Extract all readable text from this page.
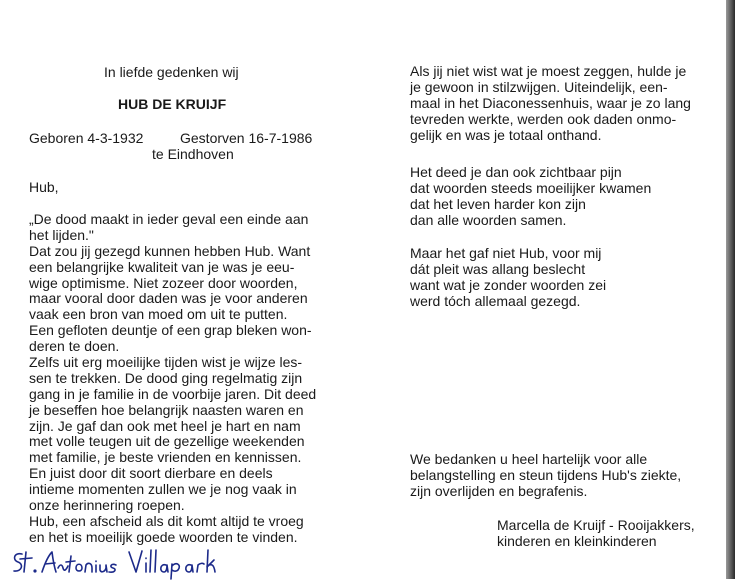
In liefde gedenken wij
HUB DE KRUIJF
Geboren 4-3-1932	Gestorven 16-7-1986
te Eindhoven
Hub,
„De dood maakt in ieder geval een einde aan
het lijden."
Dat zou jij gezegd kunnen hebben Hub. Want
een belangrijke kwaliteit van je was je eeu-
wige optimisme. Niet zozeer door woorden,
maar vooral door daden was je voor anderen
vaak een bron van moed om uit te putten.
Een gefloten deuntje of een grap bleken won-
deren te doen.
Zelfs uit erg moeilijke tijden wist je wijze les-
sen te trekken. De dood ging regelmatig zijn
gang in je familie in de voorbije jaren. Dit deed
je beseffen hoe belangrijk naasten waren en
zijn. Je gaf dan ook met heel je hart en nam
met volle teugen uit de gezellige weekenden
met familie, je beste vrienden en kennissen.
En juist door dit soort dierbare en deels
intieme momenten zullen we je nog vaak in
onze herinnering roepen.
Hub, een afscheid als dit komt altijd te vroeg
en het is moeilijk goede woorden te vinden.
Als jij niet wist wat je moest zeggen, hulde je
je gewoon in stilzwijgen. Uiteindelijk, een-
maal in het Diaconessenhuis, waar je zo lang
tevreden werkte, werden ook daden onmo-
gelijk en was je totaal onthand.
Het deed je dan ook zichtbaar pijn
dat woorden steeds moeilijker kwamen
dat het leven harder kon zijn
dan alle woorden samen.
Maar het gaf niet Hub, voor mij
dát pleit was allang beslecht
want wat je zonder woorden zei
werd tóch allemaal gezegd.
We bedanken u heel hartelijk voor alle
belangstelling en steun tijdens Hub's ziekte,
zijn overlijden en begrafenis.
Marcella de Kruijf - Rooijakkers,
kinderen en kleinkinderen
